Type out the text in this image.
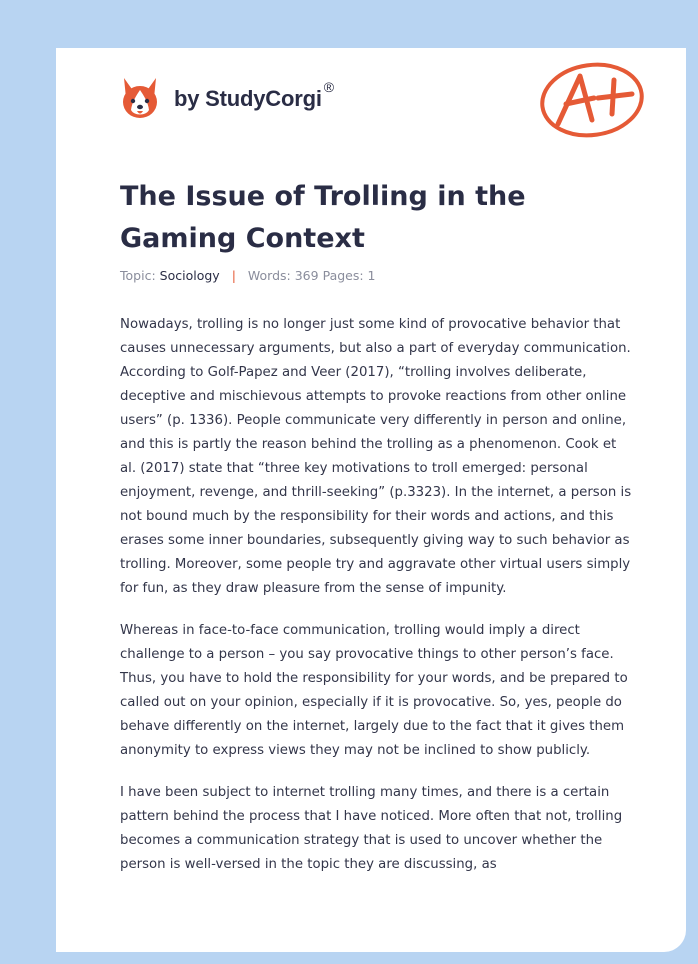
by StudyCorgi ®
The Issue of Trolling in the Gaming Context
Topic: Sociology | Words: 369 Pages: 1

Nowadays, trolling is no longer just some kind of provocative behavior that causes unnecessary arguments, but also a part of everyday communication. According to Golf-Papez and Veer (2017), “trolling involves deliberate, deceptive and mischievous attempts to provoke reactions from other online users” (p. 1336). People communicate very differently in person and online, and this is partly the reason behind the trolling as a phenomenon. Cook et al. (2017) state that “three key motivations to troll emerged: personal enjoyment, revenge, and thrill-seeking” (p.3323). In the internet, a person is not bound much by the responsibility for their words and actions, and this erases some inner boundaries, subsequently giving way to such behavior as trolling. Moreover, some people try and aggravate other virtual users simply for fun, as they draw pleasure from the sense of impunity.

Whereas in face-to-face communication, trolling would imply a direct challenge to a person – you say provocative things to other person’s face. Thus, you have to hold the responsibility for your words, and be prepared to called out on your opinion, especially if it is provocative. So, yes, people do behave differently on the internet, largely due to the fact that it gives them anonymity to express views they may not be inclined to show publicly.

I have been subject to internet trolling many times, and there is a certain pattern behind the process that I have noticed. More often that not, trolling becomes a communication strategy that is used to uncover whether the person is well-versed in the topic they are discussing, as
